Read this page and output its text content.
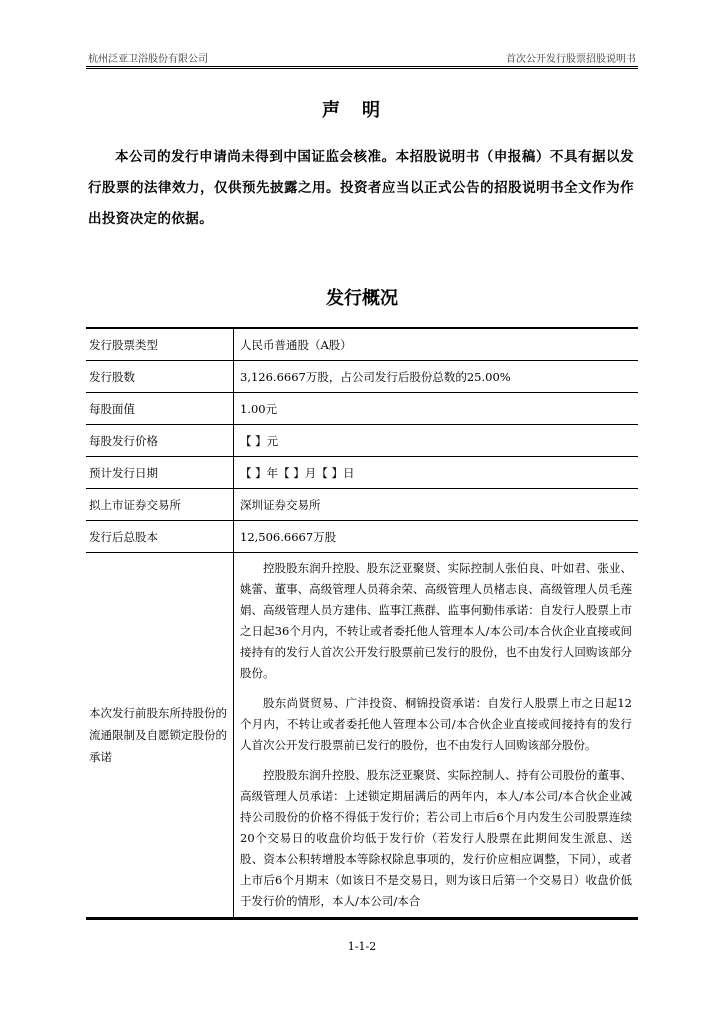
杭州泛亚卫浴股份有限公司	首次公开发行股票招股说明书
声明
本公司的发行申请尚未得到中国证监会核准。本招股说明书（申报稿）不具有据以发行股票的法律效力，仅供预先披露之用。投资者应当以正式公告的招股说明书全文作为作出投资决定的依据。
发行概况
发行股票类型	人民币普通股（A股）
发行股数	3,126.6667万股，占公司发行后股份总数的25.00%
每股面值	1.00元
每股发行价格	【 】元
预计发行日期	【 】年【 】月【 】日
拟上市证券交易所	深圳证券交易所
发行后总股本	12,506.6667万股
本次发行前股东所持股份的流通限制及自愿锁定股份的承诺	控股股东润升控股、股东泛亚聚贤、实际控制人张伯良、叶如君、张业、姚蕾、董事、高级管理人员蒋余荣、高级管理人员楮志良、高级管理人员毛莲娟、高级管理人员方建伟、监事江燕群、监事何勤伟承诺：自发行人股票上市之日起36个月内，不转让或者委托他人管理本人/本公司/本合伙企业直接或间接持有的发行人首次公开发行股票前已发行的股份，也不由发行人回购该部分股份。

股东尚贤贸易、广沣投资、桐锦投资承诺：自发行人股票上市之日起12个月内，不转让或者委托他人管理本公司/本合伙企业直接或间接持有的发行人首次公开发行股票前已发行的股份，也不由发行人回购该部分股份。

控股股东润升控股、股东泛亚聚贤、实际控制人、持有公司股份的董事、高级管理人员承诺：上述锁定期届满后的两年内，本人/本公司/本合伙企业减持公司股份的价格不得低于发行价；若公司上市后6个月内发生公司股票连续20个交易日的收盘价均低于发行价（若发行人股票在此期间发生派息、送股、资本公积转增股本等除权除息事项的，发行价应相应调整，下同），或者上市后6个月期末（如该日不是交易日，则为该日后第一个交易日）收盘价低于发行价的情形，本人/本公司/本合

1-1-2
